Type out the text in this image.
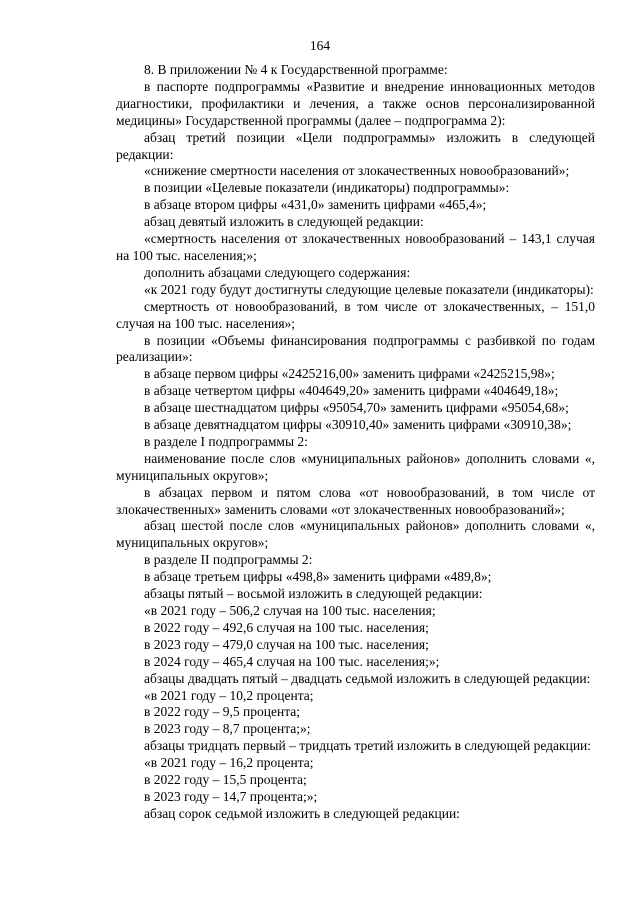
164

8. В приложении № 4 к Государственной программе:

в паспорте подпрограммы «Развитие и внедрение инновационных методов диагностики, профилактики и лечения, а также основ персонализированной медицины» Государственной программы (далее – подпрограмма 2):

абзац третий позиции «Цели подпрограммы» изложить в следующей редакции:

«снижение смертности населения от злокачественных новообразований»;

в позиции «Целевые показатели (индикаторы) подпрограммы»:

в абзаце втором цифры «431,0» заменить цифрами «465,4»;

абзац девятый изложить в следующей редакции:

«смертность населения от злокачественных новообразований – 143,1 случая на 100 тыс. населения;»;

дополнить абзацами следующего содержания:

«к 2021 году будут достигнуты следующие целевые показатели (индикаторы):

смертность от новообразований, в том числе от злокачественных, – 151,0 случая на 100 тыс. населения»;

в позиции «Объемы финансирования подпрограммы с разбивкой по годам реализации»:

в абзаце первом цифры «2425216,00» заменить цифрами «2425215,98»;

в абзаце четвертом цифры «404649,20» заменить цифрами «404649,18»;

в абзаце шестнадцатом цифры «95054,70» заменить цифрами «95054,68»;

в абзаце девятнадцатом цифры «30910,40» заменить цифрами «30910,38»;

в разделе I подпрограммы 2:

наименование после слов «муниципальных районов» дополнить словами «, муниципальных округов»;

в абзацах первом и пятом слова «от новообразований, в том числе от злокачественных» заменить словами «от злокачественных новообразований»;

абзац шестой после слов «муниципальных районов» дополнить словами «, муниципальных округов»;

в разделе II подпрограммы 2:

в абзаце третьем цифры «498,8» заменить цифрами «489,8»;

абзацы пятый – восьмой изложить в следующей редакции:

«в 2021 году – 506,2 случая на 100 тыс. населения;

в 2022 году – 492,6 случая на 100 тыс. населения;

в 2023 году – 479,0 случая на 100 тыс. населения;

в 2024 году – 465,4 случая на 100 тыс. населения;»;

абзацы двадцать пятый – двадцать седьмой изложить в следующей редакции:

«в 2021 году – 10,2 процента;

в 2022 году – 9,5 процента;

в 2023 году – 8,7 процента;»;

абзацы тридцать первый – тридцать третий изложить в следующей редакции:

«в 2021 году – 16,2 процента;

в 2022 году – 15,5 процента;

в 2023 году – 14,7 процента;»;

абзац сорок седьмой изложить в следующей редакции:
